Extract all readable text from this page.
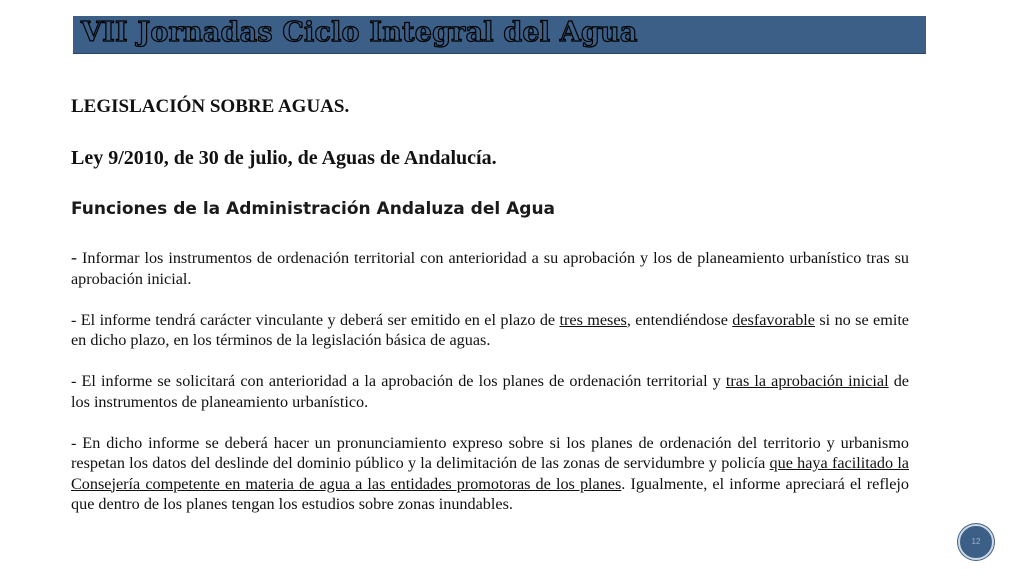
VII Jornadas Ciclo Integral del Agua

LEGISLACIÓN SOBRE AGUAS.

Ley 9/2010, de 30 de julio, de Aguas de Andalucía.

Funciones de la Administración Andaluza del Agua

- Informar los instrumentos de ordenación territorial con anterioridad a su aprobación y los de planeamiento urbanístico tras su aprobación inicial.

- El informe tendrá carácter vinculante y deberá ser emitido en el plazo de tres meses, entendiéndose desfavorable si no se emite en dicho plazo, en los términos de la legislación básica de aguas.

- El informe se solicitará con anterioridad a la aprobación de los planes de ordenación territorial y tras la aprobación inicial de los instrumentos de planeamiento urbanístico.

- En dicho informe se deberá hacer un pronunciamiento expreso sobre si los planes de ordenación del territorio y urbanismo respetan los datos del deslinde del dominio público y la delimitación de las zonas de servidumbre y policía que haya facilitado la Consejería competente en materia de agua a las entidades promotoras de los planes. Igualmente, el informe apreciará el reflejo que dentro de los planes tengan los estudios sobre zonas inundables.

12
